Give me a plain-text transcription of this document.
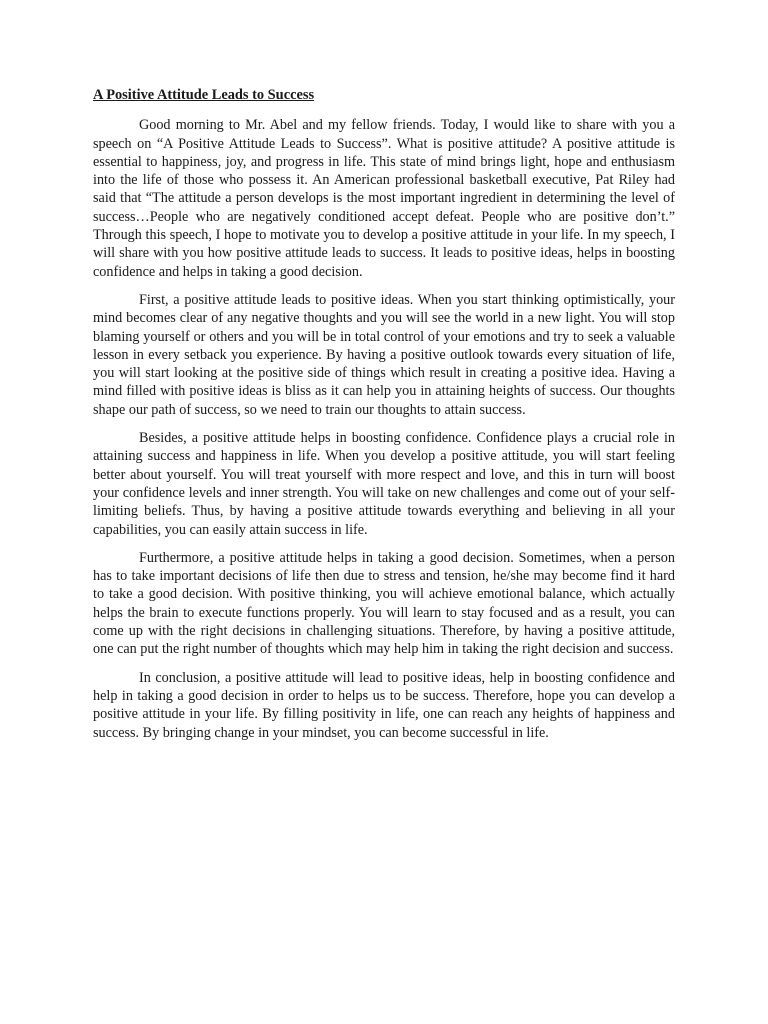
A Positive Attitude Leads to Success

Good morning to Mr. Abel and my fellow friends. Today, I would like to share with you a speech on “A Positive Attitude Leads to Success”. What is positive attitude? A positive attitude is essential to happiness, joy, and progress in life. This state of mind brings light, hope and enthusiasm into the life of those who possess it. An American professional basketball executive, Pat Riley had said that “The attitude a person develops is the most important ingredient in determining the level of success…People who are negatively conditioned accept defeat. People who are positive don’t.” Through this speech, I hope to motivate you to develop a positive attitude in your life. In my speech, I will share with you how positive attitude leads to success. It leads to positive ideas, helps in boosting confidence and helps in taking a good decision.

First, a positive attitude leads to positive ideas. When you start thinking optimistically, your mind becomes clear of any negative thoughts and you will see the world in a new light. You will stop blaming yourself or others and you will be in total control of your emotions and try to seek a valuable lesson in every setback you experience. By having a positive outlook towards every situation of life, you will start looking at the positive side of things which result in creating a positive idea. Having a mind filled with positive ideas is bliss as it can help you in attaining heights of success. Our thoughts shape our path of success, so we need to train our thoughts to attain success.

Besides, a positive attitude helps in boosting confidence. Confidence plays a crucial role in attaining success and happiness in life. When you develop a positive attitude, you will start feeling better about yourself. You will treat yourself with more respect and love, and this in turn will boost your confidence levels and inner strength. You will take on new challenges and come out of your self-limiting beliefs. Thus, by having a positive attitude towards everything and believing in all your capabilities, you can easily attain success in life.

Furthermore, a positive attitude helps in taking a good decision. Sometimes, when a person has to take important decisions of life then due to stress and tension, he/she may become find it hard to take a good decision. With positive thinking, you will achieve emotional balance, which actually helps the brain to execute functions properly. You will learn to stay focused and as a result, you can come up with the right decisions in challenging situations. Therefore, by having a positive attitude, one can put the right number of thoughts which may help him in taking the right decision and success.

In conclusion, a positive attitude will lead to positive ideas, help in boosting confidence and help in taking a good decision in order to helps us to be success. Therefore, hope you can develop a positive attitude in your life. By filling positivity in life, one can reach any heights of happiness and success. By bringing change in your mindset, you can become successful in life.
